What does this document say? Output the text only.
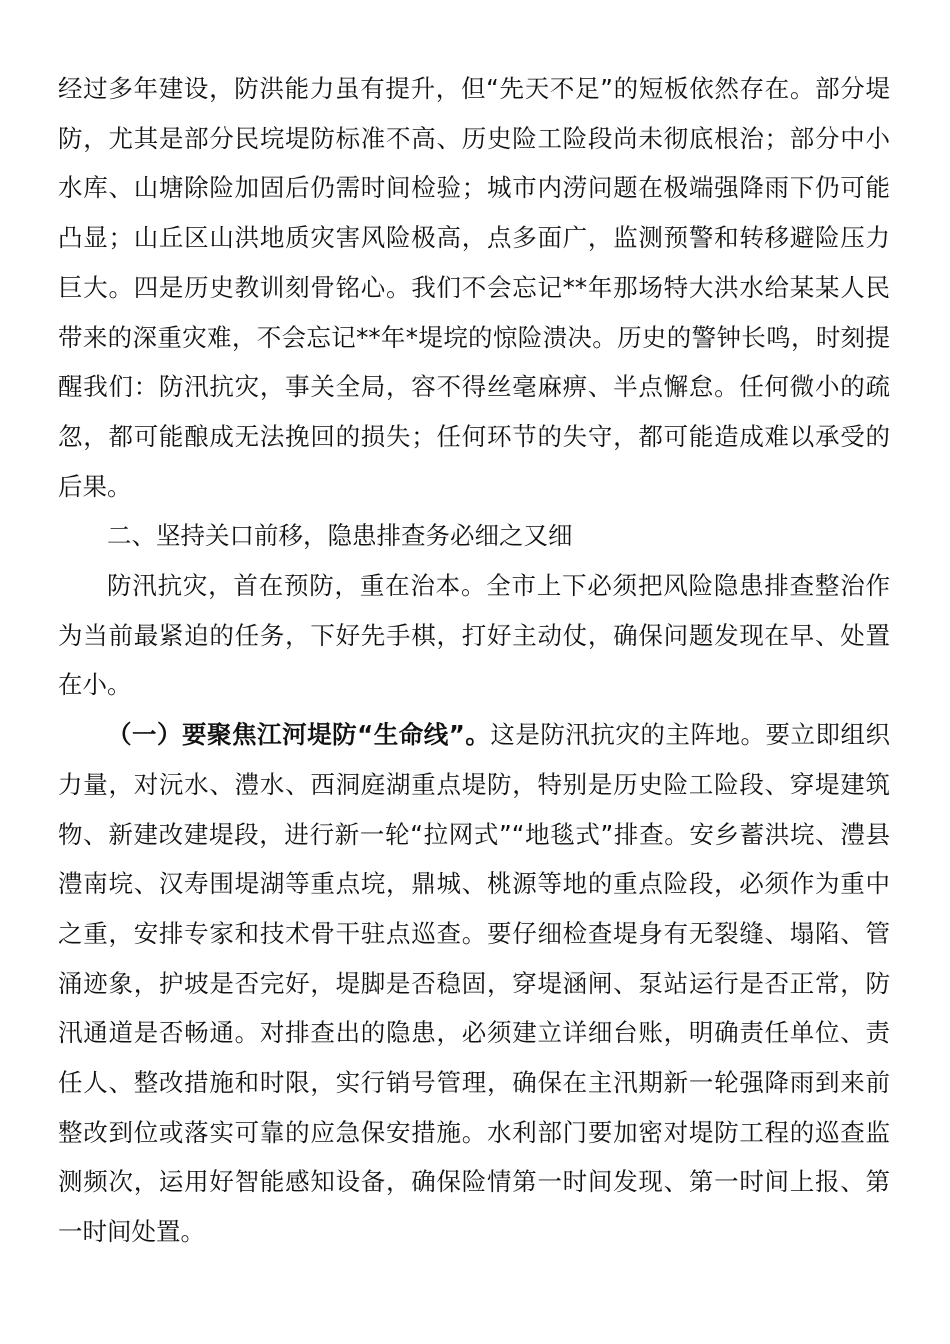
经过多年建设，防洪能力虽有提升，但“先天不足”的短板依然存在。部分堤防，尤其是部分民垸堤防标准不高、历史险工险段尚未彻底根治；部分中小水库、山塘除险加固后仍需时间检验；城市内涝问题在极端强降雨下仍可能凸显；山丘区山洪地质灾害风险极高，点多面广，监测预警和转移避险压力巨大。四是历史教训刻骨铭心。我们不会忘记**年那场特大洪水给某某人民带来的深重灾难，不会忘记**年*堤垸的惊险溃决。历史的警钟长鸣，时刻提醒我们：防汛抗灾，事关全局，容不得丝毫麻痹、半点懈怠。任何微小的疏忽，都可能酿成无法挽回的损失；任何环节的失守，都可能造成难以承受的后果。

二、坚持关口前移，隐患排查务必细之又细

防汛抗灾，首在预防，重在治本。全市上下必须把风险隐患排查整治作为当前最紧迫的任务，下好先手棋，打好主动仗，确保问题发现在早、处置在小。

（一）要聚焦江河堤防“生命线”。这是防汛抗灾的主阵地。要立即组织力量，对沅水、澧水、西洞庭湖重点堤防，特别是历史险工险段、穿堤建筑物、新建改建堤段，进行新一轮“拉网式”“地毯式”排查。安乡蓄洪垸、澧县澧南垸、汉寿围堤湖等重点垸，鼎城、桃源等地的重点险段，必须作为重中之重，安排专家和技术骨干驻点巡查。要仔细检查堤身有无裂缝、塌陷、管涌迹象，护坡是否完好，堤脚是否稳固，穿堤涵闸、泵站运行是否正常，防汛通道是否畅通。对排查出的隐患，必须建立详细台账，明确责任单位、责任人、整改措施和时限，实行销号管理，确保在主汛期新一轮强降雨到来前整改到位或落实可靠的应急保安措施。水利部门要加密对堤防工程的巡查监测频次，运用好智能感知设备，确保险情第一时间发现、第一时间上报、第一时间处置。
